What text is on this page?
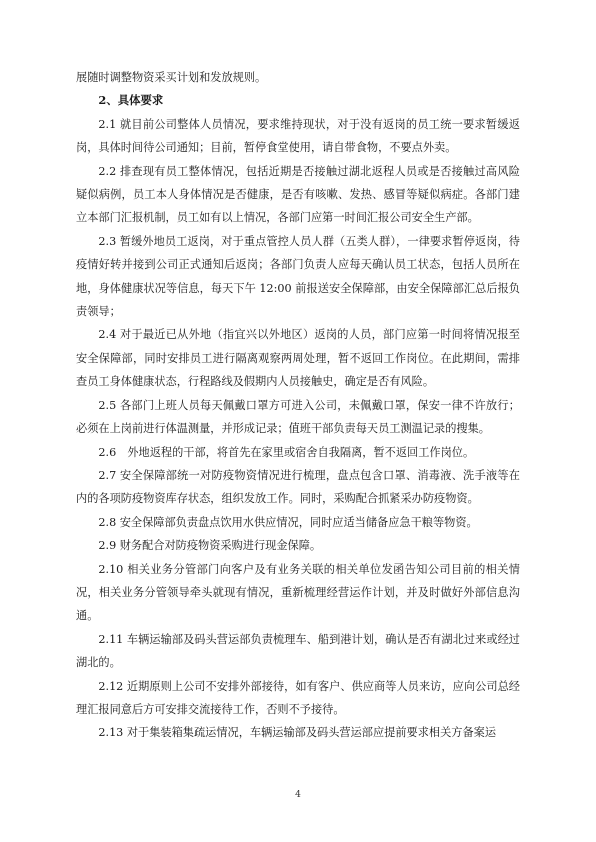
展随时调整物资采买计划和发放规则。

2、具体要求

2.1 就目前公司整体人员情况，要求维持现状，对于没有返岗的员工统一要求暂缓返岗，具体时间待公司通知；目前，暂停食堂使用，请自带食物，不要点外卖。

2.2 排查现有员工整体情况，包括近期是否接触过湖北返程人员或是否接触过高风险疑似病例，员工本人身体情况是否健康，是否有咳嗽、发热、感冒等疑似病症。各部门建立本部门汇报机制，员工如有以上情况，各部门应第一时间汇报公司安全生产部。

2.3 暂缓外地员工返岗，对于重点管控人员人群（五类人群），一律要求暂停返岗，待疫情好转并接到公司正式通知后返岗；各部门负责人应每天确认员工状态，包括人员所在地，身体健康状况等信息，每天下午 12:00 前报送安全保障部，由安全保障部汇总后报负责领导；

2.4 对于最近已从外地（指宜兴以外地区）返岗的人员，部门应第一时间将情况报至安全保障部，同时安排员工进行隔离观察两周处理，暂不返回工作岗位。在此期间，需排查员工身体健康状态，行程路线及假期内人员接触史，确定是否有风险。

2.5 各部门上班人员每天佩戴口罩方可进入公司，未佩戴口罩，保安一律不许放行；必须在上岗前进行体温测量，并形成记录；值班干部负责每天员工测温记录的搜集。

2.6　外地返程的干部，将首先在家里或宿舍自我隔离，暂不返回工作岗位。

2.7 安全保障部统一对防疫物资情况进行梳理，盘点包含口罩、消毒液、洗手液等在内的各项防疫物资库存状态，组织发放工作。同时，采购配合抓紧采办防疫物资。

2.8 安全保障部负责盘点饮用水供应情况，同时应适当储备应急干粮等物资。

2.9 财务配合对防疫物资采购进行现金保障。

2.10 相关业务分管部门向客户及有业务关联的相关单位发函告知公司目前的相关情况，相关业务分管领导牵头就现有情况，重新梳理经营运作计划，并及时做好外部信息沟通。

2.11 车辆运输部及码头营运部负责梳理车、船到港计划，确认是否有湖北过来或经过湖北的。

2.12 近期原则上公司不安排外部接待，如有客户、供应商等人员来访，应向公司总经理汇报同意后方可安排交流接待工作，否则不予接待。

2.13 对于集装箱集疏运情况，车辆运输部及码头营运部应提前要求相关方备案运

4
